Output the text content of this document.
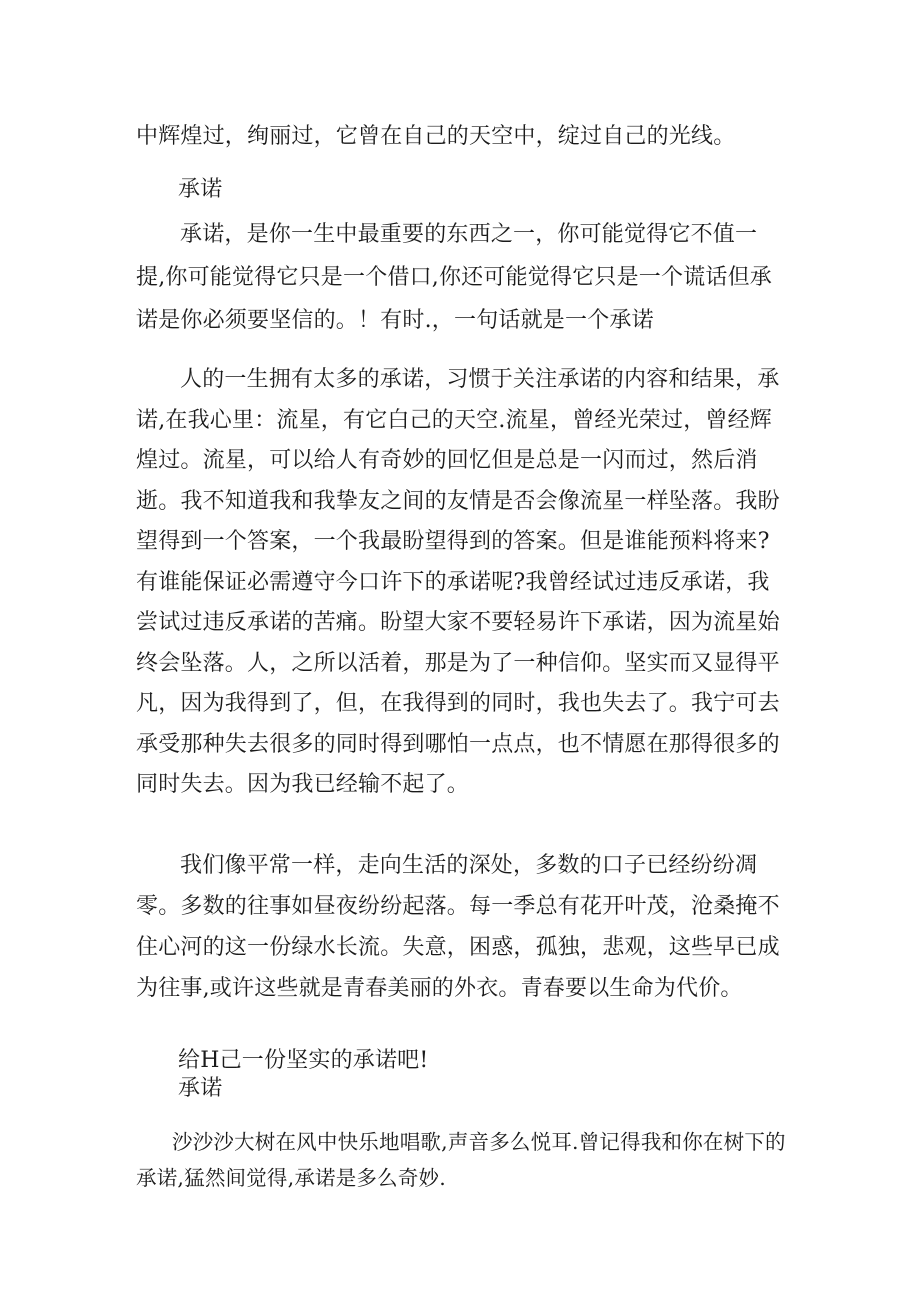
中辉煌过，绚丽过，它曾在自己的天空中，绽过自己的光线。

承诺

承诺，是你一生中最重要的东西之一，你可能觉得它不值一提,你可能觉得它只是一个借口,你还可能觉得它只是一个谎话但承诺是你必须要坚信的。！有时.，一句话就是一个承诺

人的一生拥有太多的承诺，习惯于关注承诺的内容和结果，承诺,在我心里：流星，有它白己的天空.流星，曾经光荣过，曾经辉煌过。流星，可以给人有奇妙的回忆但是总是一闪而过，然后消逝。我不知道我和我挚友之间的友情是否会像流星一样坠落。我盼望得到一个答案，一个我最盼望得到的答案。但是谁能预料将来?有谁能保证必需遵守今口许下的承诺呢?我曾经试过违反承诺，我尝试过违反承诺的苦痛。盼望大家不要轻易许下承诺，因为流星始终会坠落。人，之所以活着，那是为了一种信仰。坚实而又显得平凡，因为我得到了，但，在我得到的同时，我也失去了。我宁可去承受那种失去很多的同时得到哪怕一点点，也不情愿在那得很多的同时失去。因为我已经输不起了。

我们像平常一样，走向生活的深处，多数的口子已经纷纷凋零。多数的往事如昼夜纷纷起落。每一季总有花开叶茂，沧桑掩不住心河的这一份绿水长流。失意，困惑，孤独，悲观，这些早已成为往事,或许这些就是青春美丽的外衣。青春要以生命为代价。

给H己一份坚实的承诺吧!

承诺

沙沙沙大树在风中快乐地唱歌,声音多么悦耳.曾记得我和你在树下的承诺,猛然间觉得,承诺是多么奇妙.
